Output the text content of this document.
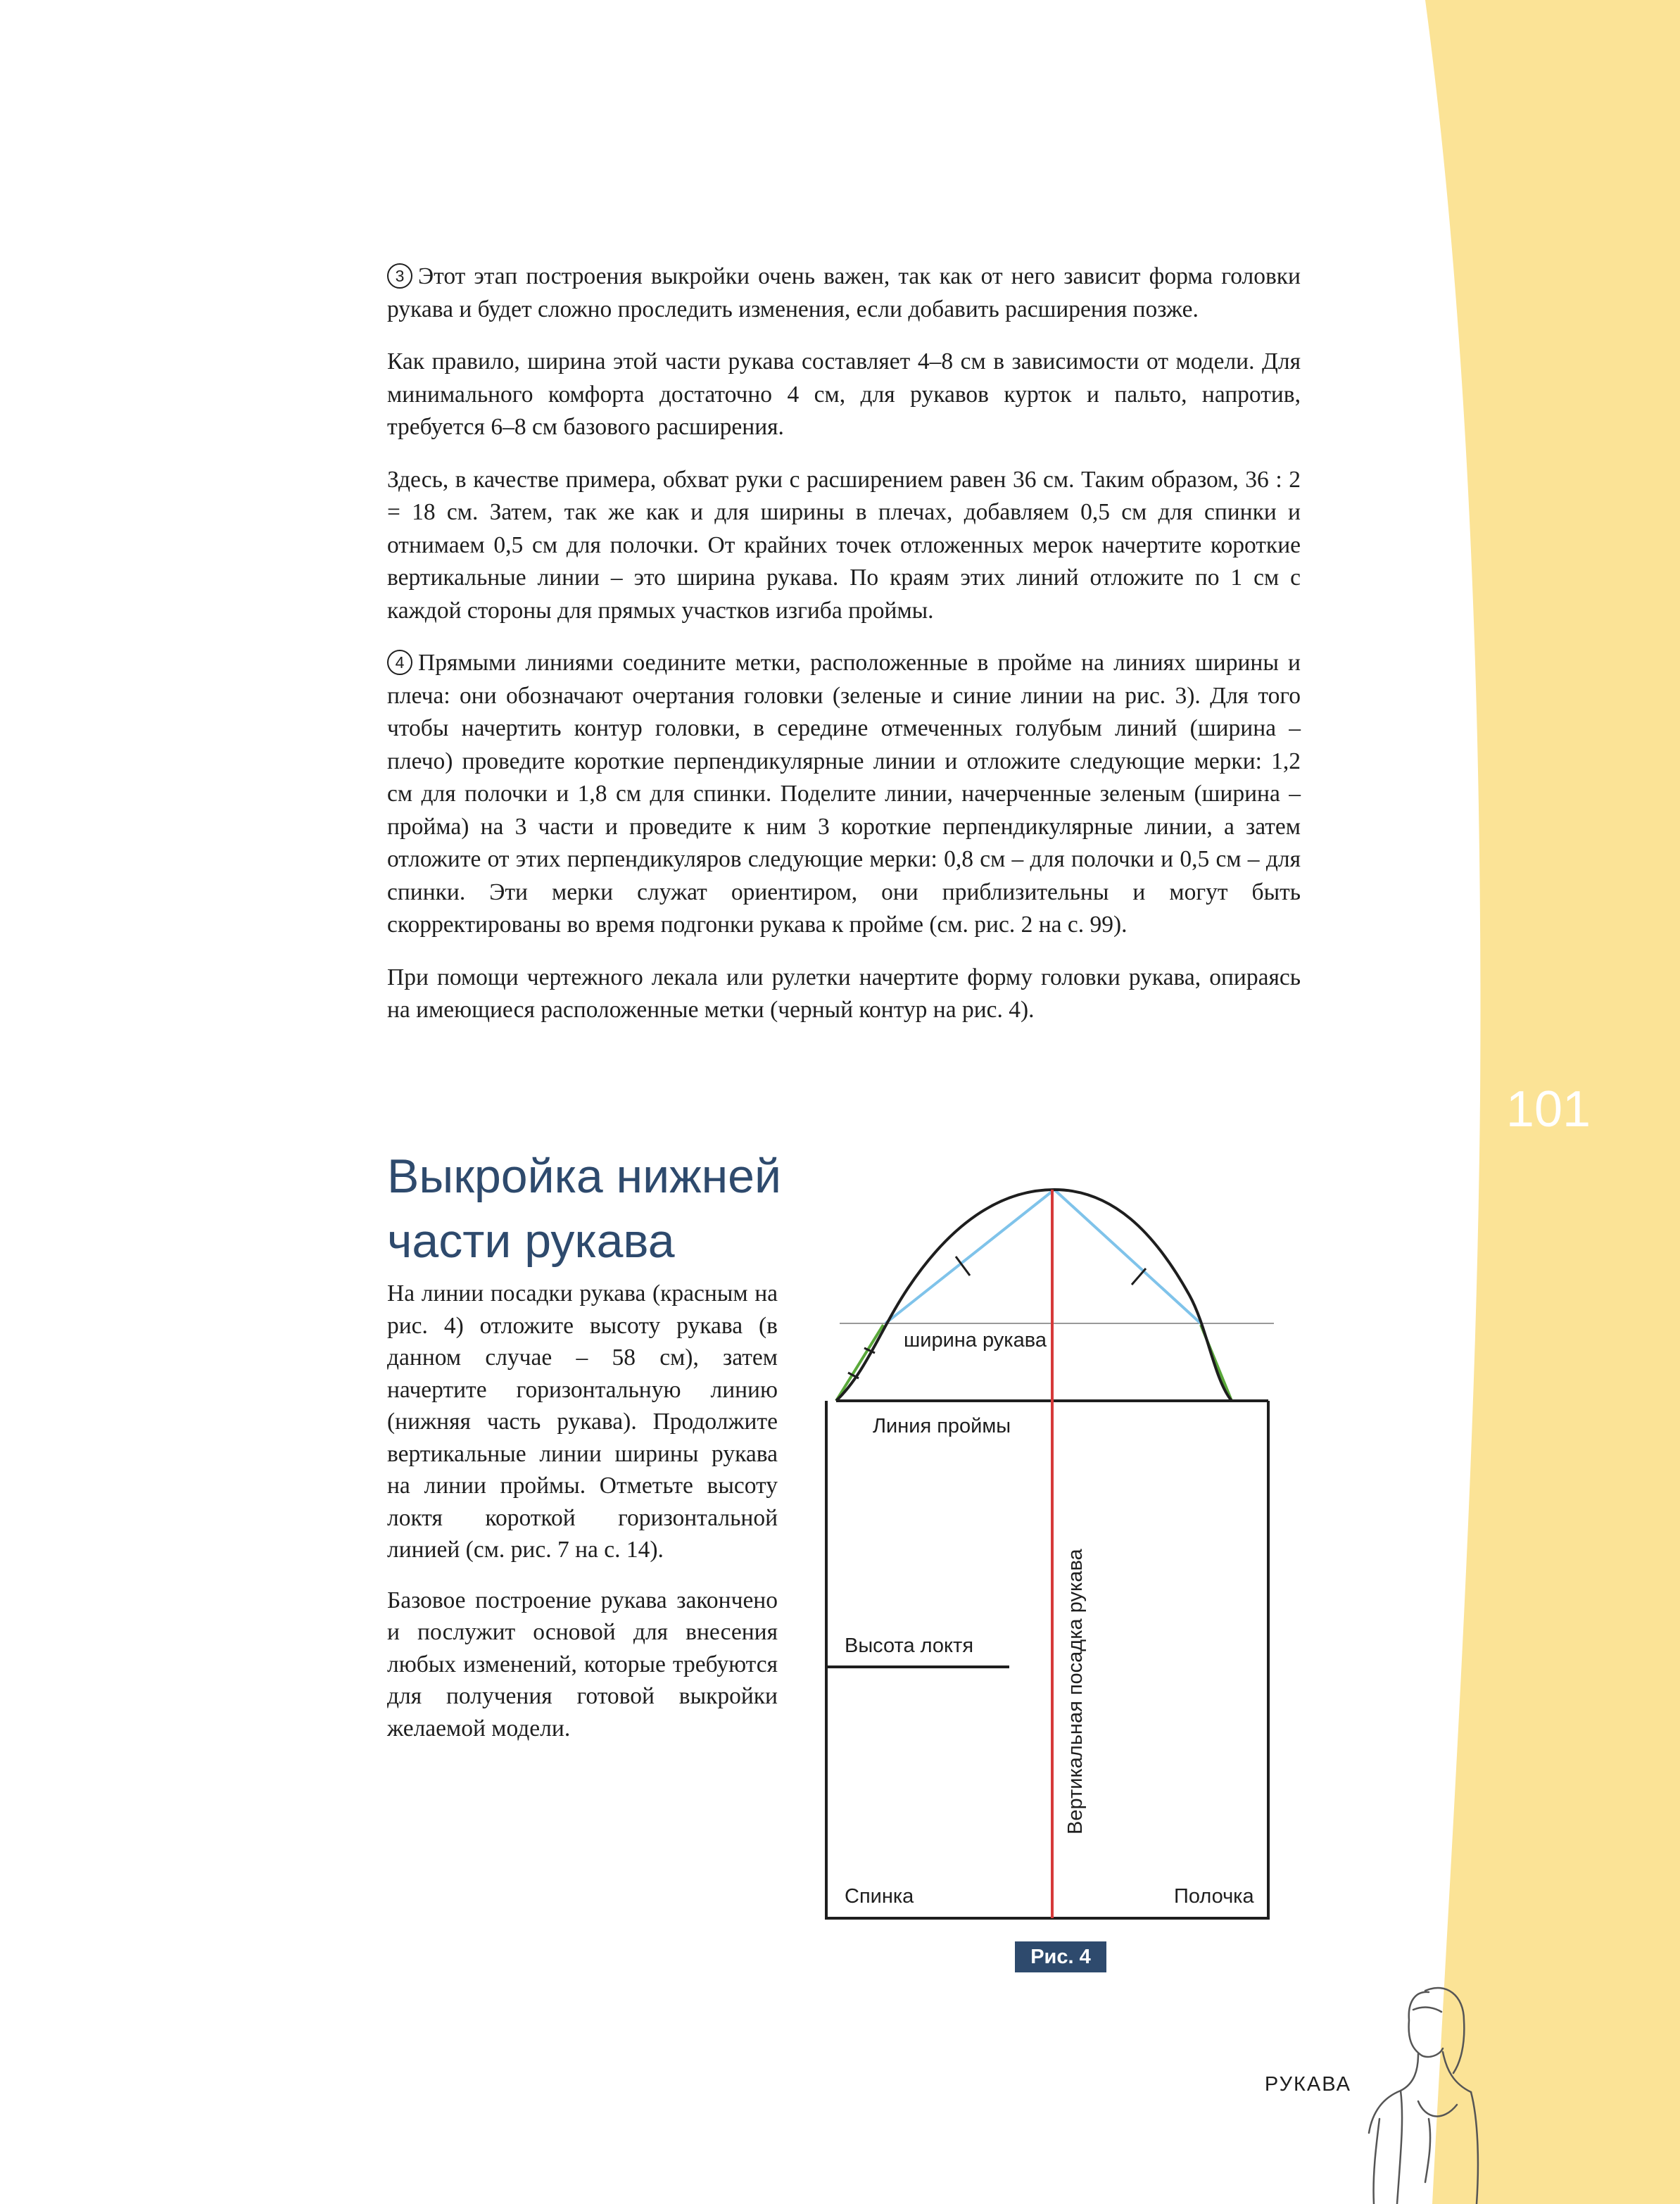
101

3 Этот этап построения выкройки очень важен, так как от него зависит форма головки рукава и будет сложно проследить изменения, если добавить расширения позже.

Как правило, ширина этой части рукава составляет 4–8 см в зависимости от модели. Для минимального комфорта достаточно 4 см, для рукавов курток и пальто, напротив, требуется 6–8 см базового расширения.

Здесь, в качестве примера, обхват руки с расширением равен 36 см. Таким образом, 36 : 2 = 18 см. Затем, так же как и для ширины в плечах, добавляем 0,5 см для спинки и отнимаем 0,5 см для полочки. От крайних точек отложенных мерок начертите короткие вертикальные линии – это ширина рукава. По краям этих линий отложите по 1 см с каждой стороны для прямых участков изгиба проймы.

4 Прямыми линиями соедините метки, расположенные в пройме на линиях ширины и плеча: они обозначают очертания головки (зеленые и синие линии на рис. 3). Для того чтобы начертить контур головки, в середине отмеченных голубым линий (ширина – плечо) проведите короткие перпендикулярные линии и отложите следующие мерки: 1,2 см для полочки и 1,8 см для спинки. Поделите линии, начерченные зеленым (ширина – пройма) на 3 части и проведите к ним 3 короткие перпендикулярные линии, а затем отложите от этих перпендикуляров следующие мерки: 0,8 см – для полочки и 0,5 см – для спинки. Эти мерки служат ориентиром, они приблизительны и могут быть скорректированы во время подгонки рукава к пройме (см. рис. 2 на с. 99).

При помощи чертежного лекала или рулетки начертите форму головки рукава, опираясь на имеющиеся расположенные метки (черный контур на рис. 4).

Выкройка нижней части рукава

На линии посадки рукава (красным на рис. 4) отложите высоту рукава (в данном случае – 58 см), затем начертите горизонтальную линию (нижняя часть рукава). Продолжите вертикальные линии ширины рукава на линии проймы. Отметьте высоту локтя короткой горизонтальной линией (см. рис. 7 на с. 14).

Базовое построение рукава закончено и послужит основой для внесения любых изменений, которые требуются для получения готовой выкройки желаемой модели.

ширина рукава
Линия проймы
Высота локтя	Вертикальная посадка рукава
Спинка	Полочка
Рис. 4
РУКАВА
